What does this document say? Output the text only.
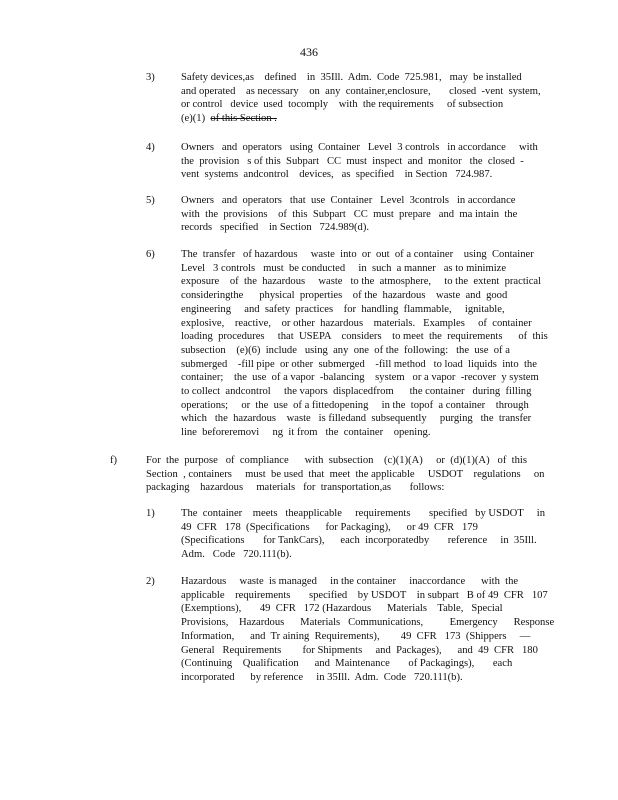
436
3) Safety devices,as    defined    in  35Ill.  Adm.  Code  725.981,   may  be installed
and operated    as necessary    on  any  container,enclosure,       closed  -vent  system,
or control   device  used  tocomply    with  the requirements     of subsection
(e)(1)  of this Section .
4) Owners   and  operators   using  Container   Level  3 controls   in accordance     with
the  provision   s of this  Subpart   CC  must  inspect  and  monitor   the  closed  -
vent  systems  andcontrol    devices,   as  specified    in Section   724.987.
5) Owners   and  operators   that  use  Container   Level  3controls   in accordance
with  the  provisions    of  this  Subpart   CC  must  prepare   and  ma intain  the
records   specified    in Section   724.989(d).
6) The  transfer   of hazardous     waste  into  or  out  of a container    using  Container
Level   3 controls   must  be conducted     in  such  a manner   as to minimize
exposure    of  the  hazardous     waste   to the  atmosphere,     to the  extent  practical
consideringthe      physical  properties    of the  hazardous    waste  and  good
engineering     and  safety  practices    for  handling  flammable,     ignitable,
explosive,    reactive,    or other  hazardous    materials.   Examples     of  container
loading  procedures     that  USEPA    considers    to meet  the  requirements      of  this
subsection    (e)(6)  include   using  any  one  of the  following:   the  use  of a
submerged    -fill pipe  or other  submerged    -fill method   to load  liquids  into  the
container;    the  use  of a vapor  -balancing    system   or a vapor  -recover  y system
to collect  andcontrol     the vapors  displacedfrom      the container   during  filling
operations;     or  the  use  of a fittedopening     in the  topof  a container    through
which   the  hazardous    waste   is filledand  subsequently     purging   the  transfer
line  beforeremovi     ng  it from   the  container    opening.
f)	For  the  purpose   of  compliance      with  subsection    (c)(1)(A)     or  (d)(1)(A)   of  this
Section  , containers     must  be used  that  meet  the applicable     USDOT    regulations     on
packaging    hazardous     materials   for  transportation,as       follows:
1) The  container    meets   theapplicable     requirements       specified   by USDOT     in
49  CFR   178  (Specifications      for Packaging),      or 49  CFR   179
(Specifications       for TankCars),      each  incorporatedby       reference     in  35Ill.
Adm.   Code   720.111(b).
2) Hazardous     waste  is managed     in the container     inaccordance      with  the
applicable    requirements       specified    by USDOT    in subpart   B of 49  CFR   107
(Exemptions),       49  CFR   172 (Hazardous      Materials    Table,   Special
Provisions,    Hazardous      Materials   Communications,          Emergency      Response
Information,      and  Tr aining  Requirements),        49  CFR   173  (Shippers     —
General   Requirements        for Shipments     and  Packages),      and  49  CFR   180
(Continuing    Qualification      and  Maintenance       of Packagings),       each
incorporated      by reference     in 35Ill.  Adm.  Code   720.111(b).
